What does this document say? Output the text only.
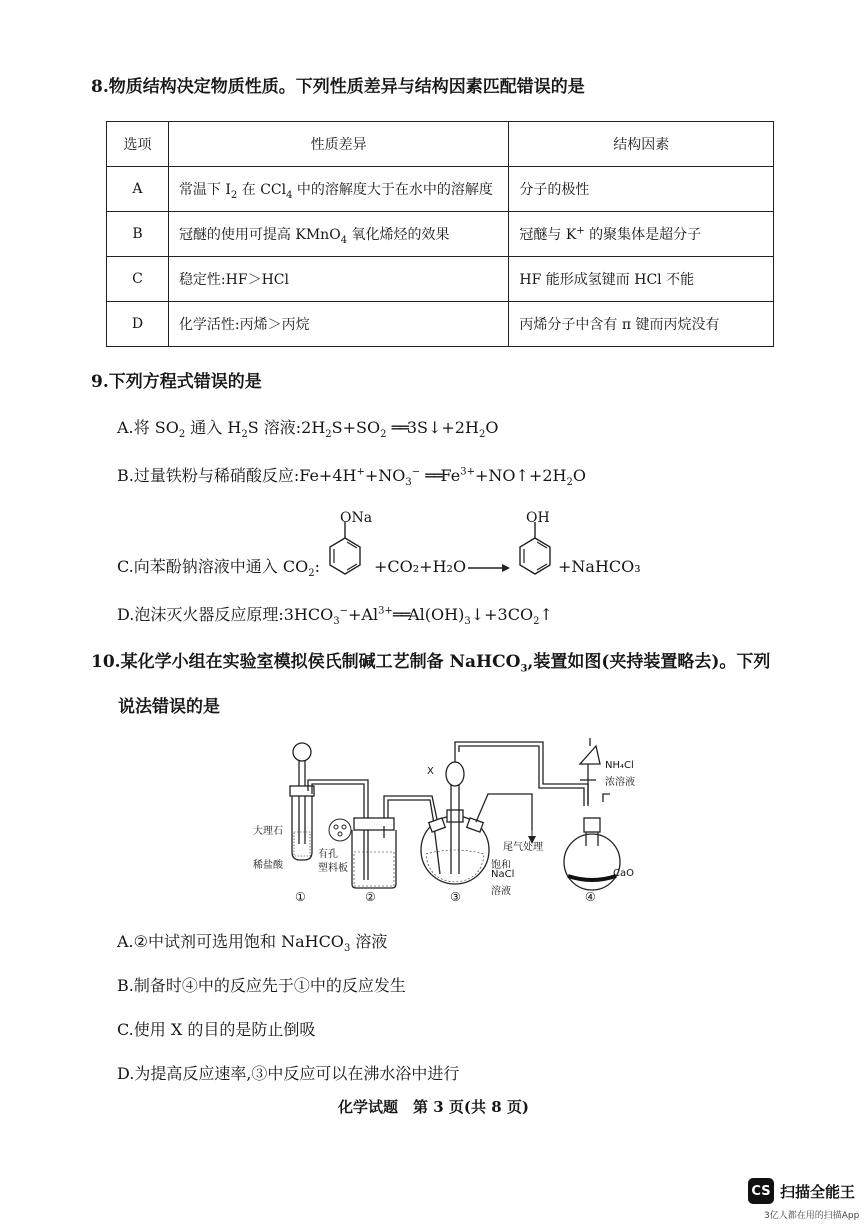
8.物质结构决定物质性质。下列性质差异与结构因素匹配错误的是
选项	性质差异	结构因素
A	常温下 $I_2$ 在 CCl$_4$ 中的溶解度大于在水中的溶解度	分子的极性
B	冠醚的使用可提高 KMnO$_4$ 氧化烯烃的效果	冠醚与 K+ 的聚集体是超分子
C	稳定性:HF＞HCl	HF 能形成氢键而 HCl 不能
D	化学活性:丙烯＞丙烷	丙烯分子中含有 π 键而丙烷没有
9.下列方程式错误的是
A.将 $SO_2$ 通入 $H_2S$ 溶液$:2H_2S+SO_2$ $══3S↓+2H_2O$
B.过量铁粉与稀硝酸反应$:Fe+4H^++NO_3^-$ $══Fe^{3+}+NO↑+2H_2O$
C.向苯酚钠溶液中通入 $CO_2$:
ONa
+CO₂+H₂O →
OH
+NaHCO₃
D.泡沫灭火器反应原理$:3HCO_3^-+Al^{3+}══Al(OH)_3↓+3CO_2↑$
10.某化学小组在实验室模拟侯氏制碱工艺制备 NaHCO$_3$,装置如图(夹持装置略去)。下列
说法错误的是
大理石
稀盐酸
有孔
塑料板
X
饱和
NaCl
溶液
尾气处理
NH₄Cl
浓溶液
CaO
①	②	③	④
A.②中试剂可选用饱和 NaHCO$_3$ 溶液
B.制备时④中的反应先于①中的反应发生
C.使用 X 的目的是防止倒吸
D.为提高反应速率,③中反应可以在沸水浴中进行
化学试题　第 3 页(共 8 页)
CS 扫描全能王
3亿人都在用的扫描App
